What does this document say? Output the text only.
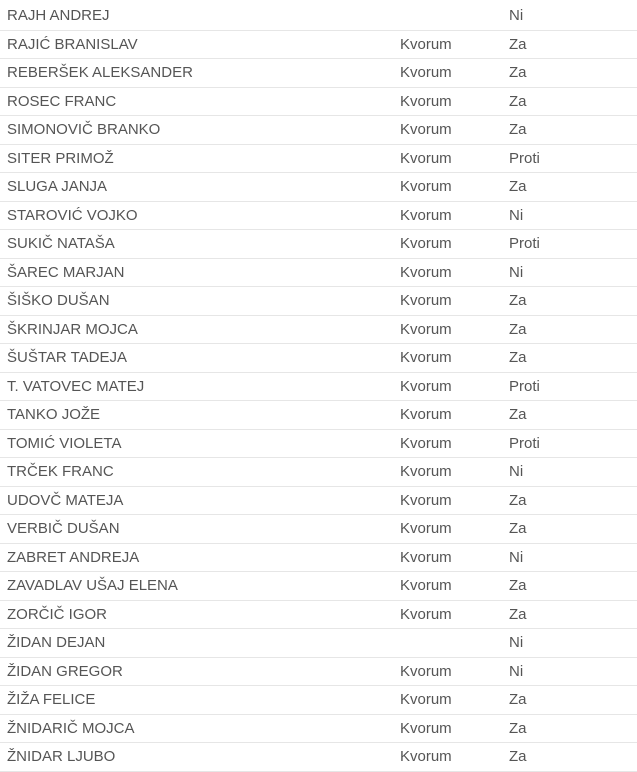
RAJH ANDREJ		Ni
RAJIĆ BRANISLAV	Kvorum	Za
REBERŠEK ALEKSANDER	Kvorum	Za
ROSEC FRANC	Kvorum	Za
SIMONOVIČ BRANKO	Kvorum	Za
SITER PRIMOŽ	Kvorum	Proti
SLUGA JANJA	Kvorum	Za
STAROVIĆ VOJKO	Kvorum	Ni
SUKIČ NATAŠA	Kvorum	Proti
ŠAREC MARJAN	Kvorum	Ni
ŠIŠKO DUŠAN	Kvorum	Za
ŠKRINJAR MOJCA	Kvorum	Za
ŠUŠTAR TADEJA	Kvorum	Za
T. VATOVEC MATEJ	Kvorum	Proti
TANKO JOŽE	Kvorum	Za
TOMIĆ VIOLETA	Kvorum	Proti
TRČEK FRANC	Kvorum	Ni
UDOVČ MATEJA	Kvorum	Za
VERBIČ DUŠAN	Kvorum	Za
ZABRET ANDREJA	Kvorum	Ni
ZAVADLAV UŠAJ ELENA	Kvorum	Za
ZORČIČ IGOR	Kvorum	Za
ŽIDAN DEJAN		Ni
ŽIDAN GREGOR	Kvorum	Ni
ŽIŽA FELICE	Kvorum	Za
ŽNIDARIČ MOJCA	Kvorum	Za
ŽNIDAR LJUBO	Kvorum	Za
